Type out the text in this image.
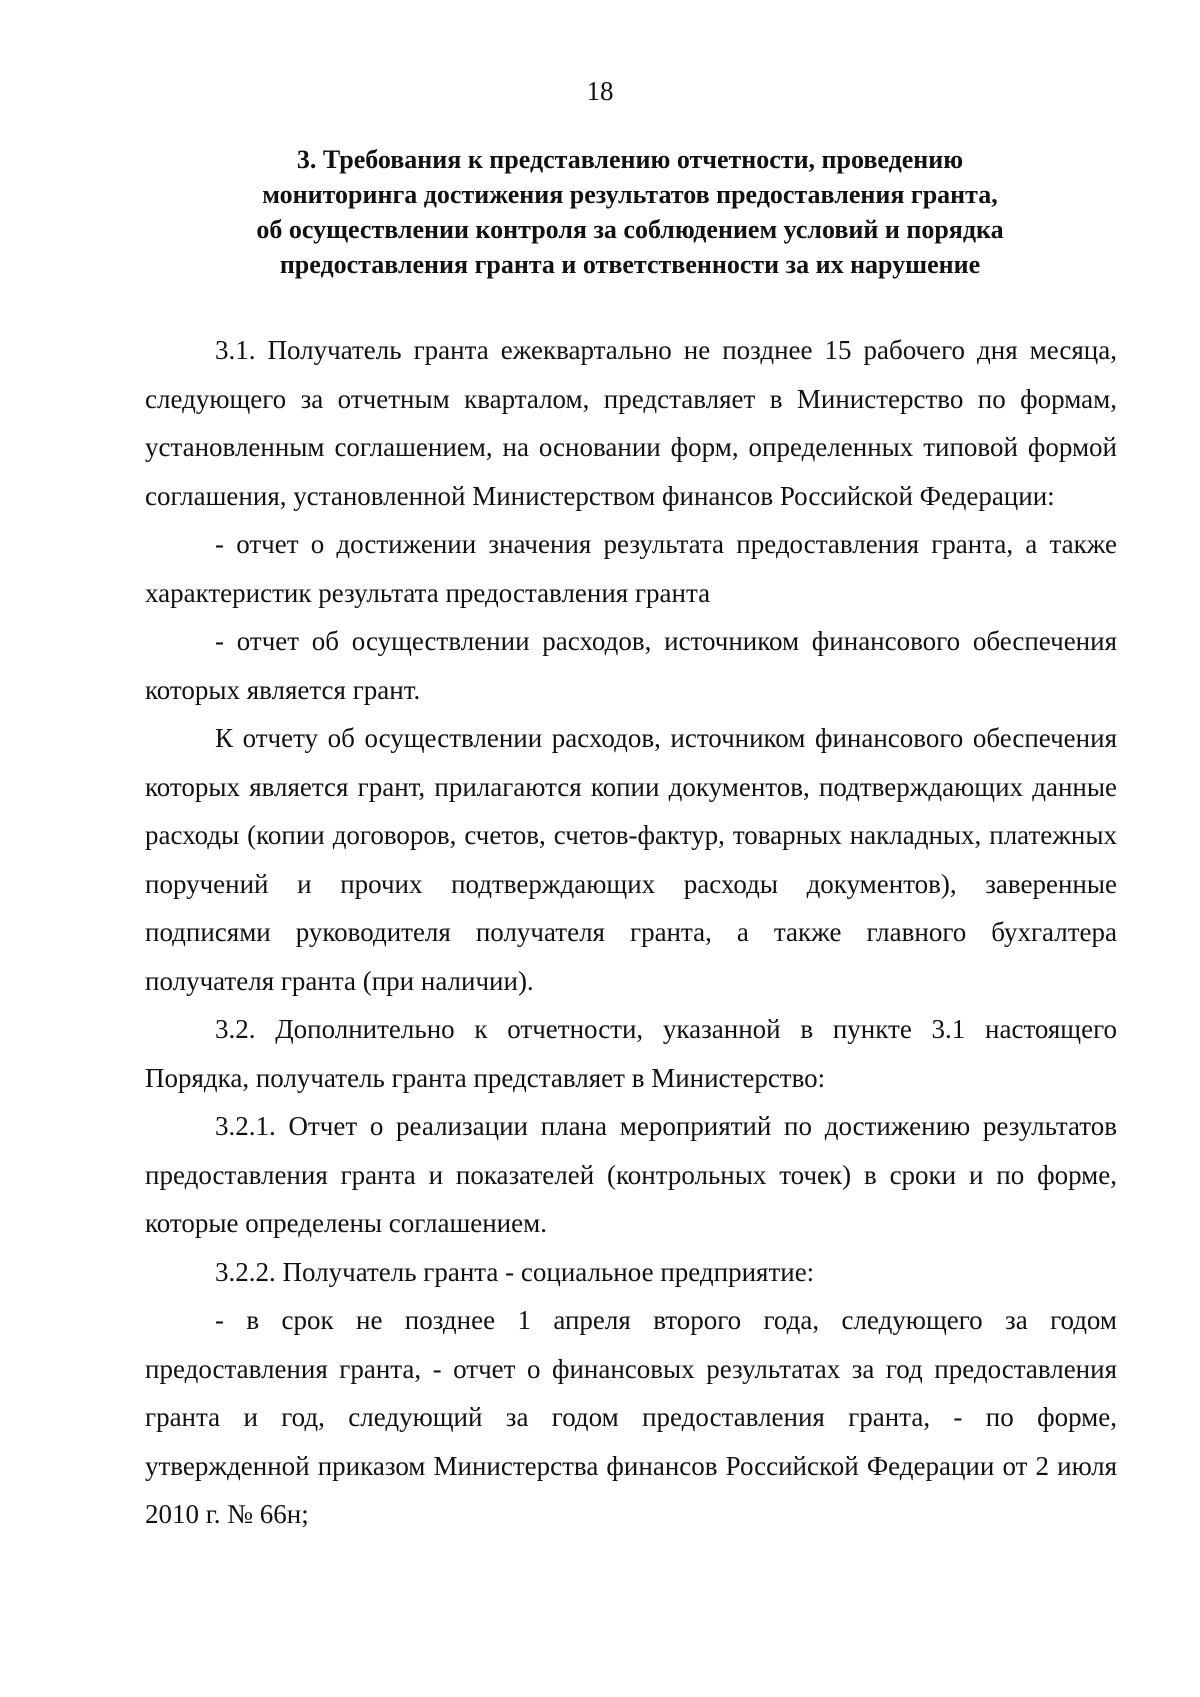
18
3. Требования к представлению отчетности, проведению
мониторинга достижения результатов предоставления гранта,
об осуществлении контроля за соблюдением условий и порядка
предоставления гранта и ответственности за их нарушение

3.1. Получатель гранта ежеквартально не позднее 15 рабочего дня месяца, следующего за отчетным кварталом, представляет в Министерство по формам, установленным соглашением, на основании форм, определенных типовой формой соглашения, установленной Министерством финансов Российской Федерации:

- отчет о достижении значения результата предоставления гранта, а также характеристик результата предоставления гранта

- отчет об осуществлении расходов, источником финансового обеспечения которых является грант.

К отчету об осуществлении расходов, источником финансового обеспечения которых является грант, прилагаются копии документов, подтверждающих данные расходы (копии договоров, счетов, счетов-фактур, товарных накладных, платежных поручений и прочих подтверждающих расходы документов), заверенные подписями руководителя получателя гранта, а также главного бухгалтера получателя гранта (при наличии).

3.2. Дополнительно к отчетности, указанной в пункте 3.1 настоящего Порядка, получатель гранта представляет в Министерство:

3.2.1. Отчет о реализации плана мероприятий по достижению результатов предоставления гранта и показателей (контрольных точек) в сроки и по форме, которые определены соглашением.

3.2.2. Получатель гранта - социальное предприятие:

- в срок не позднее 1 апреля второго года, следующего за годом предоставления гранта, - отчет о финансовых результатах за год предоставления гранта и год, следующий за годом предоставления гранта, - по форме, утвержденной приказом Министерства финансов Российской Федерации от 2 июля 2010 г. № 66н;
